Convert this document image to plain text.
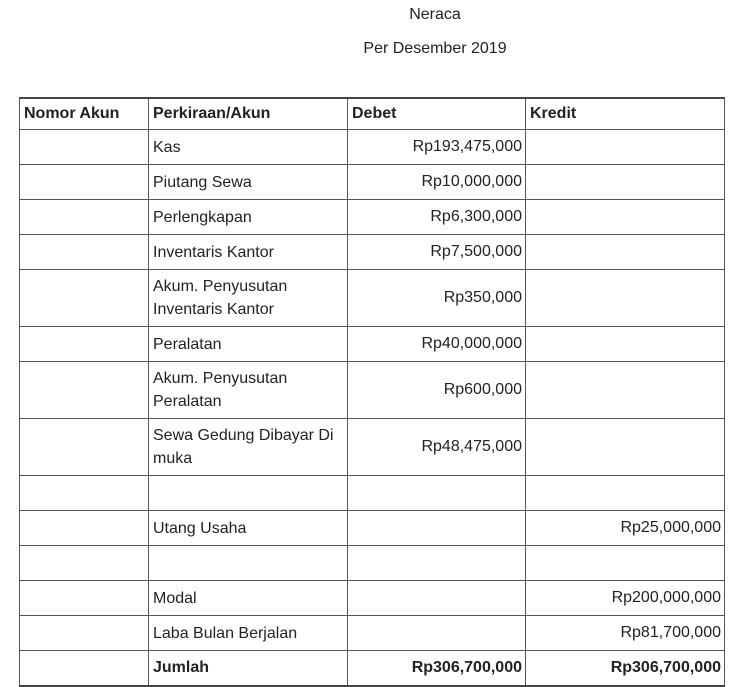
Neraca
Per Desember 2019
Nomor Akun	Perkiraan/Akun	Debet	Kredit
	Kas	Rp193,475,000	
	Piutang Sewa	Rp10,000,000	
	Perlengkapan	Rp6,300,000	
	Inventaris Kantor	Rp7,500,000	
	Akum. Penyusutan Inventaris Kantor	Rp350,000	
	Peralatan	Rp40,000,000	
	Akum. Penyusutan Peralatan	Rp600,000	
	Sewa Gedung Dibayar Di muka	Rp48,475,000	

	Utang Usaha		Rp25,000,000

	Modal		Rp200,000,000
	Laba Bulan Berjalan		Rp81,700,000
	Jumlah	Rp306,700,000	Rp306,700,000
